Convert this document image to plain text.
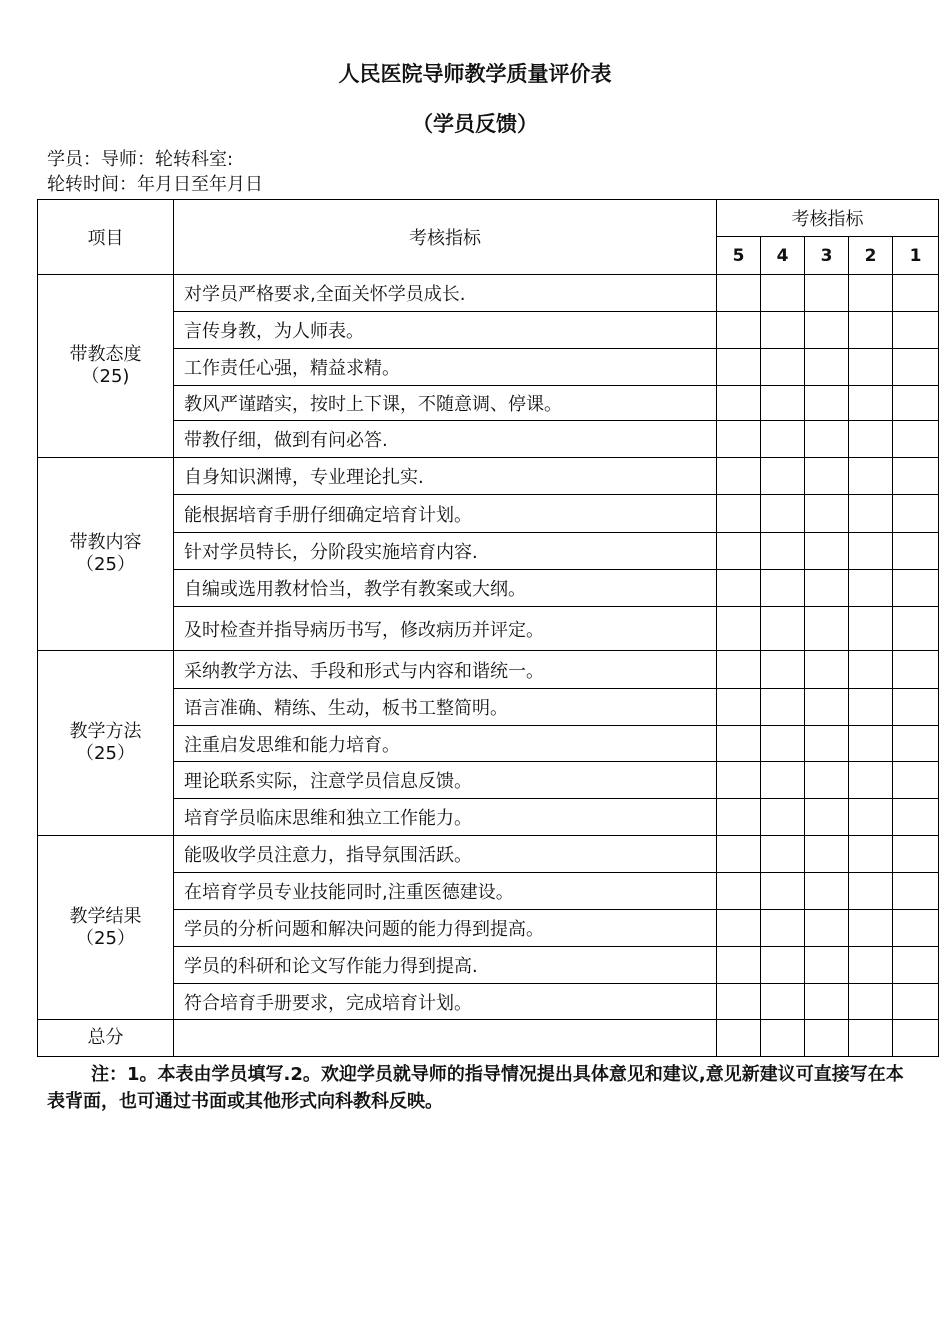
人民医院导师教学质量评价表
（学员反馈）
学员：导师：轮转科室:
轮转时间：年月日至年月日
项目	考核指标	考核指标				
		5	4	3	2	1

带教态度
（25)	对学员严格要求,全面关怀学员成长.					
	言传身教，为人师表。					
	工作责任心强，精益求精。					
	教风严谨踏实，按时上下课，不随意调、停课。					
	带教仔细，做到有问必答.					

带教内容
（25）	自身知识渊博，专业理论扎实.					
	能根据培育手册仔细确定培育计划。					
	针对学员特长，分阶段实施培育内容.					
	自编或选用教材恰当，教学有教案或大纲。					
	及时检查并指导病历书写，修改病历并评定。					

教学方法
（25）	采纳教学方法、手段和形式与内容和谐统一。					
	语言准确、精练、生动，板书工整简明。					
	注重启发思维和能力培育。					
	理论联系实际，注意学员信息反馈。					
	培育学员临床思维和独立工作能力。					

教学结果
（25）	能吸收学员注意力，指导氛围活跃。					
	在培育学员专业技能同时,注重医德建设。					
	学员的分析问题和解决问题的能力得到提高。					
	学员的科研和论文写作能力得到提高.					
	符合培育手册要求，完成培育计划。					
总分						
注：1。本表由学员填写.2。欢迎学员就导师的指导情况提出具体意见和建议,意见新建议可直接写在本表背面，也可通过书面或其他形式向科教科反映。
